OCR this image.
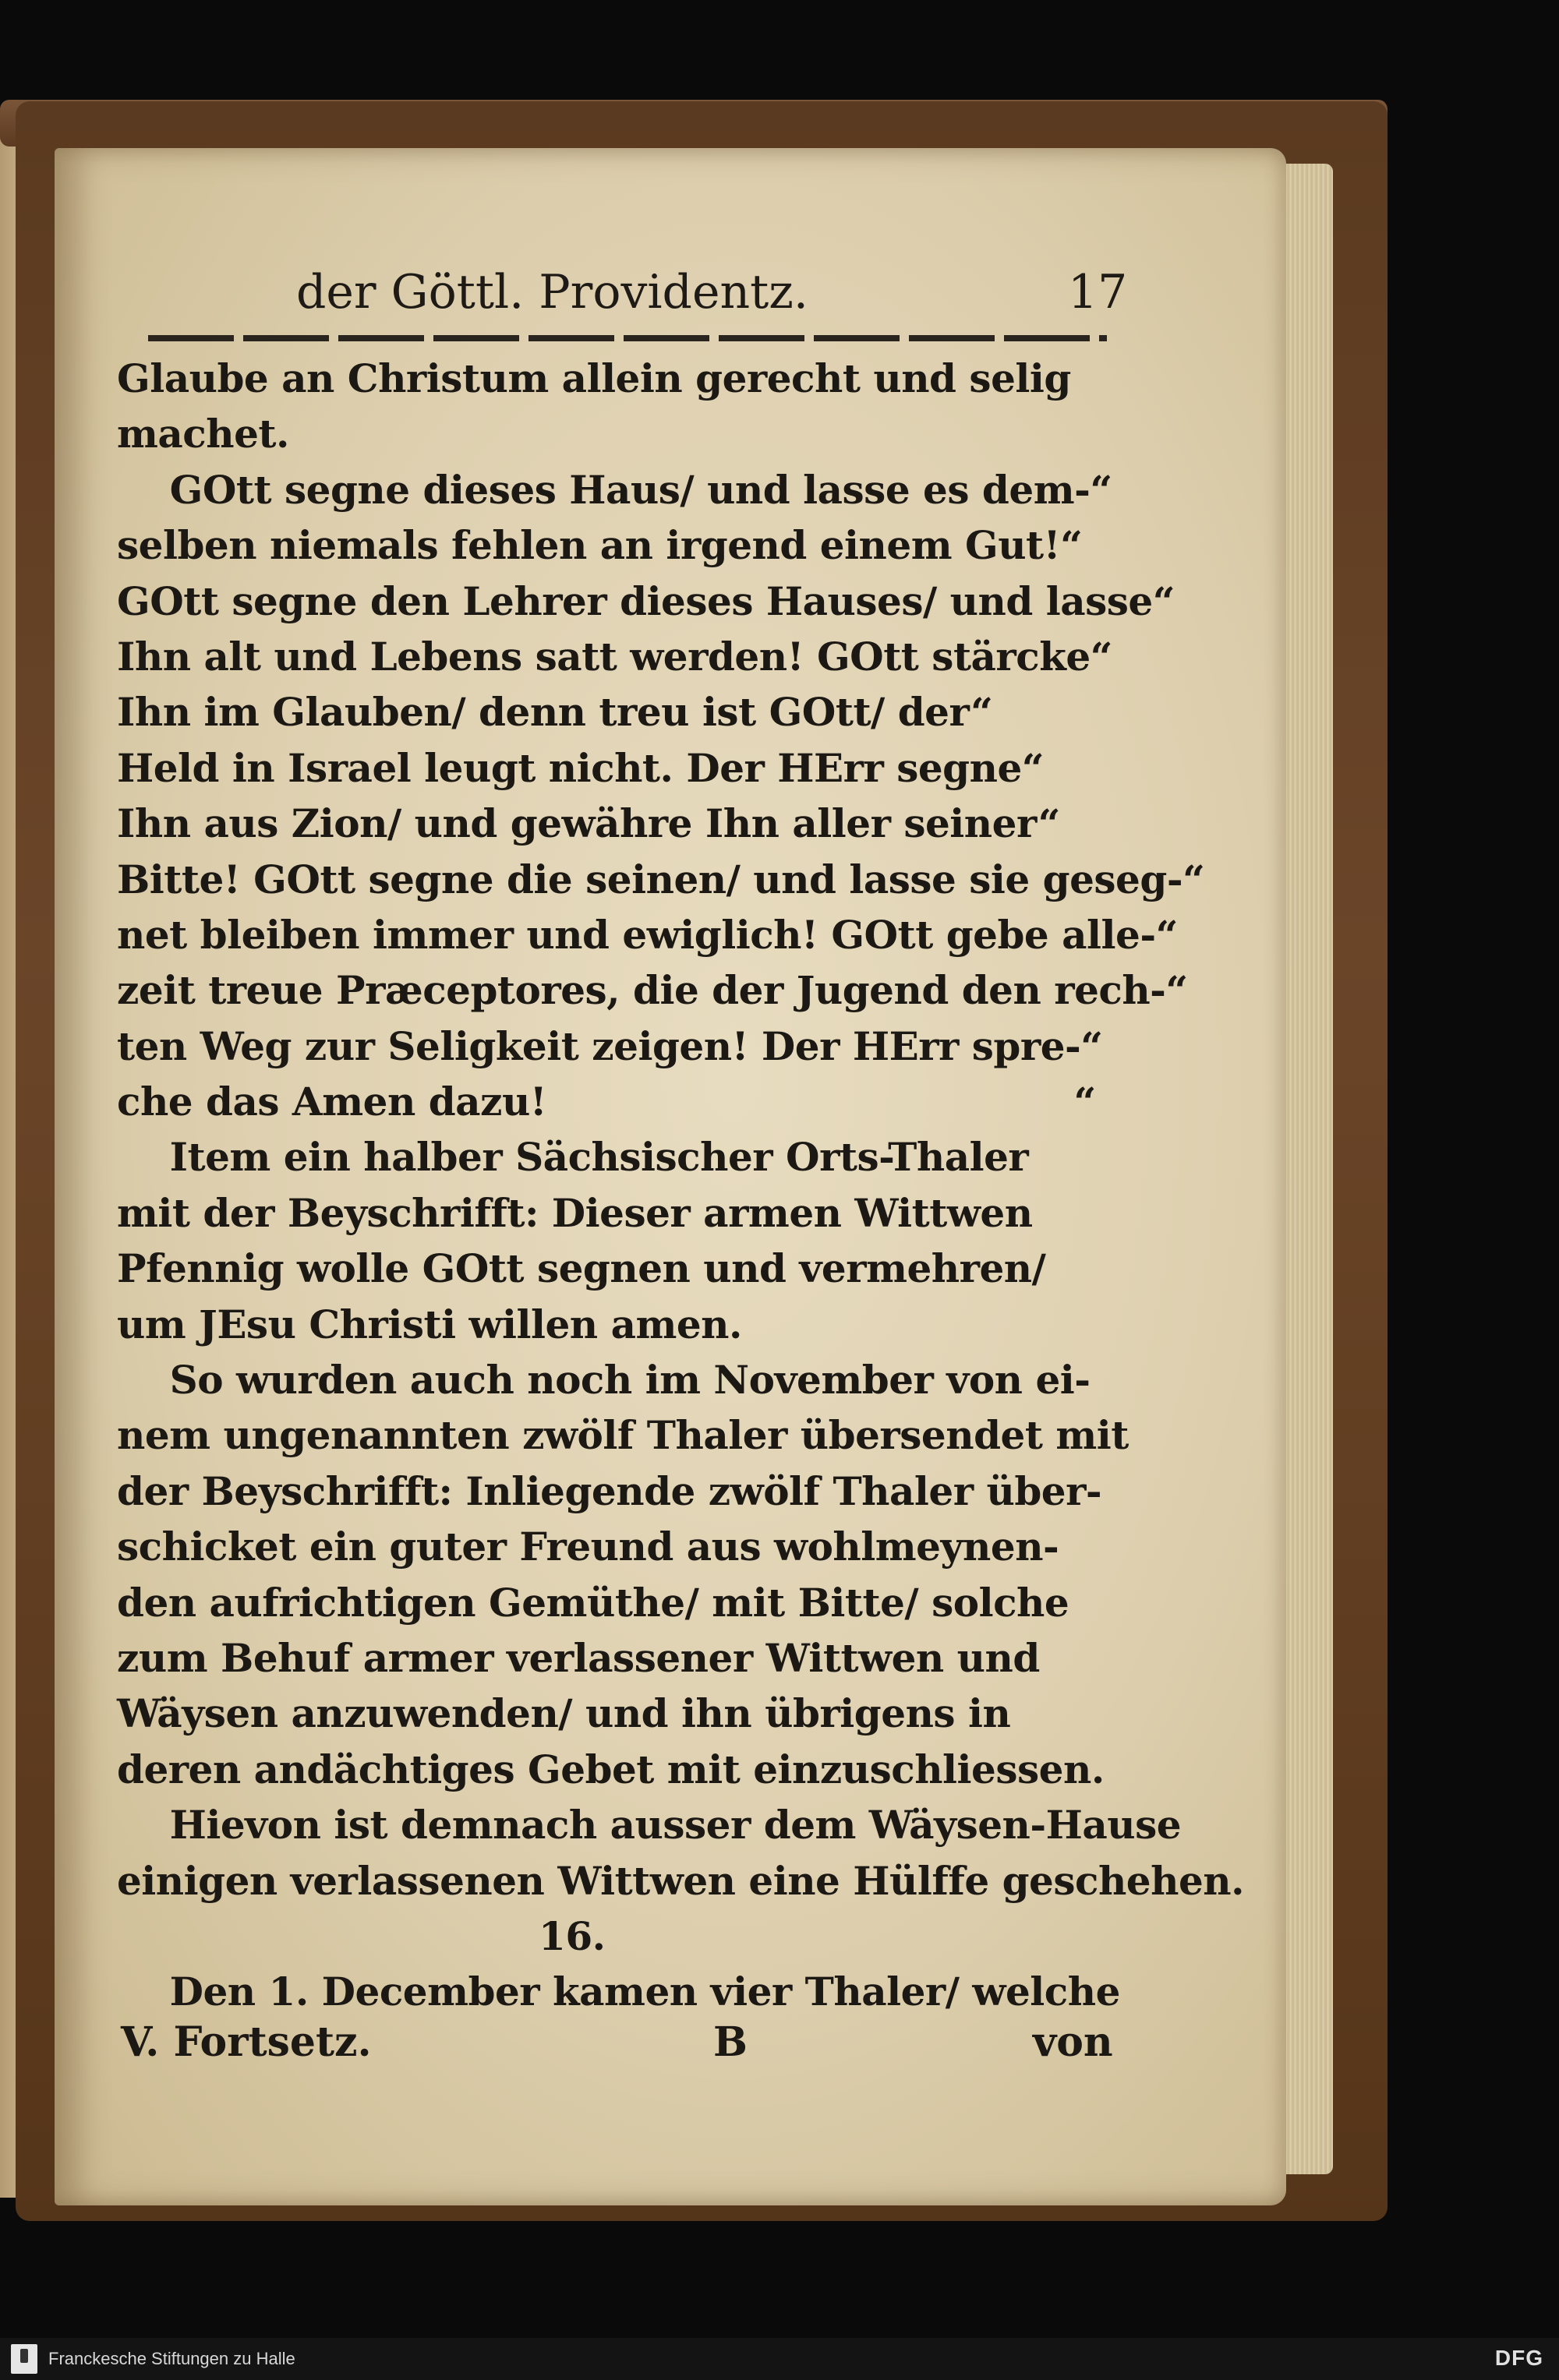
der Göttl. Providentz.	17
Glaube an Christum allein gerecht und selig
machet.
GOtt segne dieses Haus/ und lasse es dem-“
selben niemals fehlen an irgend einem Gut!“
GOtt segne den Lehrer dieses Hauses/ und lasse“
Ihn alt und Lebens satt werden! GOtt stärcke“
Ihn im Glauben/ denn treu ist GOtt/ der“
Held in Israel leugt nicht. Der HErr segne“
Ihn aus Zion/ und gewähre Ihn aller seiner“
Bitte! GOtt segne die seinen/ und lasse sie geseg-“
net bleiben immer und ewiglich! GOtt gebe alle-“
zeit treue Præceptores, die der Jugend den rech-“
ten Weg zur Seligkeit zeigen! Der HErr spre-“
che das Amen dazu!                                        “
Item ein halber Sächsischer Orts-Thaler
mit der Beyschrifft: Dieser armen Wittwen
Pfennig wolle GOtt segnen und vermehren/
um JEsu Christi willen amen.
So wurden auch noch im November von ei-
nem ungenannten zwölf Thaler übersendet mit
der Beyschrifft: Inliegende zwölf Thaler über-
schicket ein guter Freund aus wohlmeynen-
den aufrichtigen Gemüthe/ mit Bitte/ solche
zum Behuf armer verlassener Wittwen und
Wäysen anzuwenden/ und ihn übrigens in
deren andächtiges Gebet mit einzuschliessen.
Hievon ist demnach ausser dem Wäysen-Hause
einigen verlassenen Wittwen eine Hülffe geschehen.
16.
Den 1. December kamen vier Thaler/ welche
V. Fortsetz.	B	von
Franckesche Stiftungen zu Halle	DFG
